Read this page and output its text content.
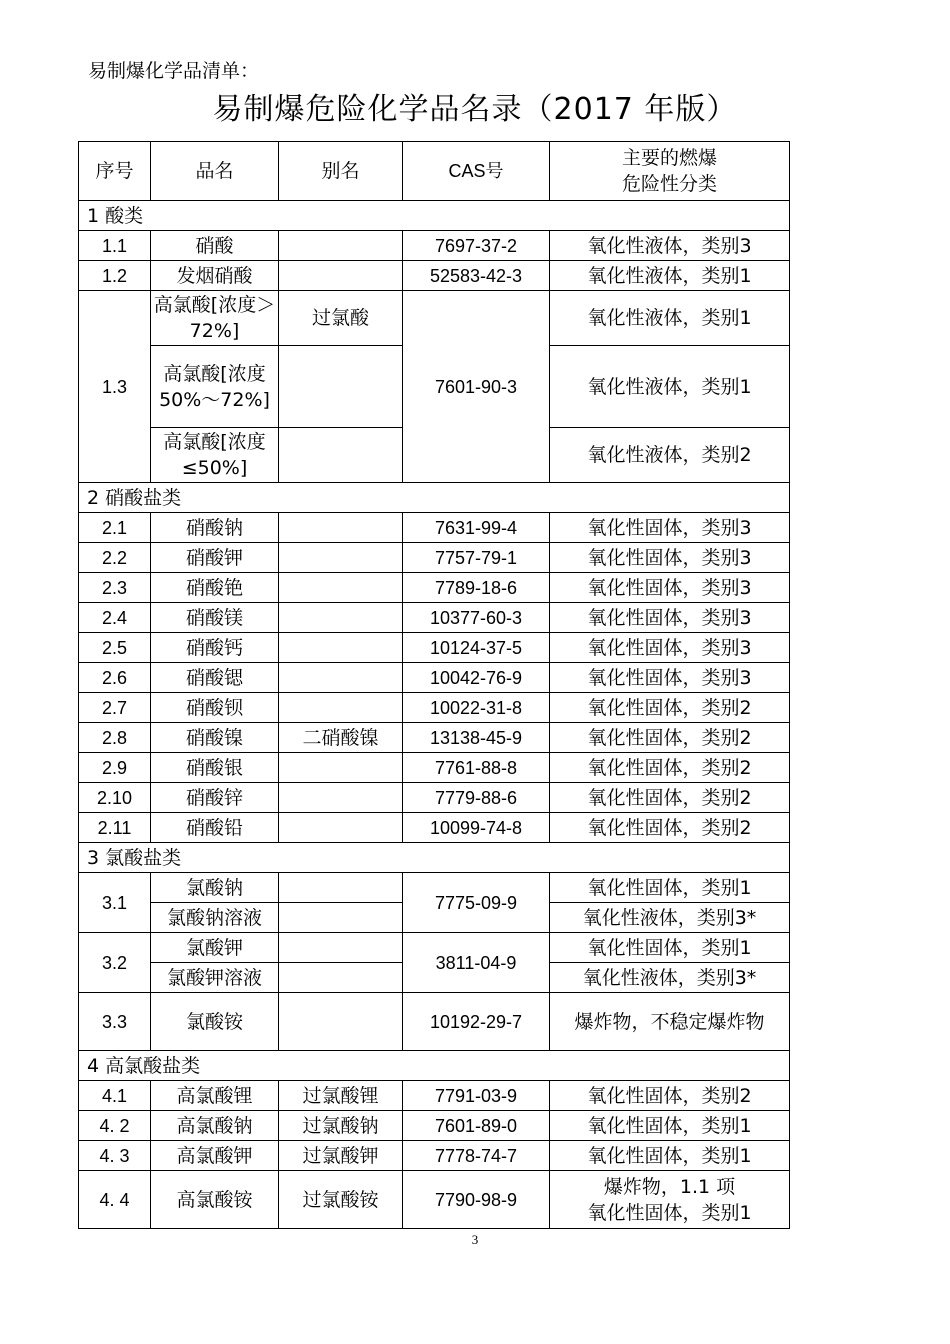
易制爆化学品清单：
易制爆危险化学品名录（2017 年版）
序号	品名	别名	CAS号	主要的燃爆
危险性分类

1 酸类				
1.1	硝酸		7697-37-2	氧化性液体，类别3
1.2	发烟硝酸		52583-42-3	氧化性液体，类别1
1.3	高氯酸[浓度＞72%]	过氯酸	7601-90-3	氧化性液体，类别1
	高氯酸[浓度50%～72%]			氧化性液体，类别1
	高氯酸[浓度≤50%]			氧化性液体，类别2
2 硝酸盐类				
2.1	硝酸钠		7631-99-4	氧化性固体，类别3
2.2	硝酸钾		7757-79-1	氧化性固体，类别3
2.3	硝酸铯		7789-18-6	氧化性固体，类别3
2.4	硝酸镁		10377-60-3	氧化性固体，类别3
2.5	硝酸钙		10124-37-5	氧化性固体，类别3
2.6	硝酸锶		10042-76-9	氧化性固体，类别3
2.7	硝酸钡		10022-31-8	氧化性固体，类别2
2.8	硝酸镍	二硝酸镍	13138-45-9	氧化性固体，类别2
2.9	硝酸银		7761-88-8	氧化性固体，类别2
2.10	硝酸锌		7779-88-6	氧化性固体，类别2
2.11	硝酸铅		10099-74-8	氧化性固体，类别2
3 氯酸盐类				
3.1	氯酸钠		7775-09-9	氧化性固体，类别1
	氯酸钠溶液			氧化性液体，类别3*
3.2	氯酸钾		3811-04-9	氧化性固体，类别1
	氯酸钾溶液			氧化性液体，类别3*
3.3	氯酸铵		10192-29-7	爆炸物，不稳定爆炸物
4 高氯酸盐类				
4.1	高氯酸锂	过氯酸锂	7791-03-9	氧化性固体，类别2
4. 2	高氯酸钠	过氯酸钠	7601-89-0	氧化性固体，类别1
4. 3	高氯酸钾	过氯酸钾	7778-74-7	氧化性固体，类别1
4. 4	高氯酸铵	过氯酸铵	7790-98-9	爆炸物，1.1 项
氧化性固体，类别1
3
